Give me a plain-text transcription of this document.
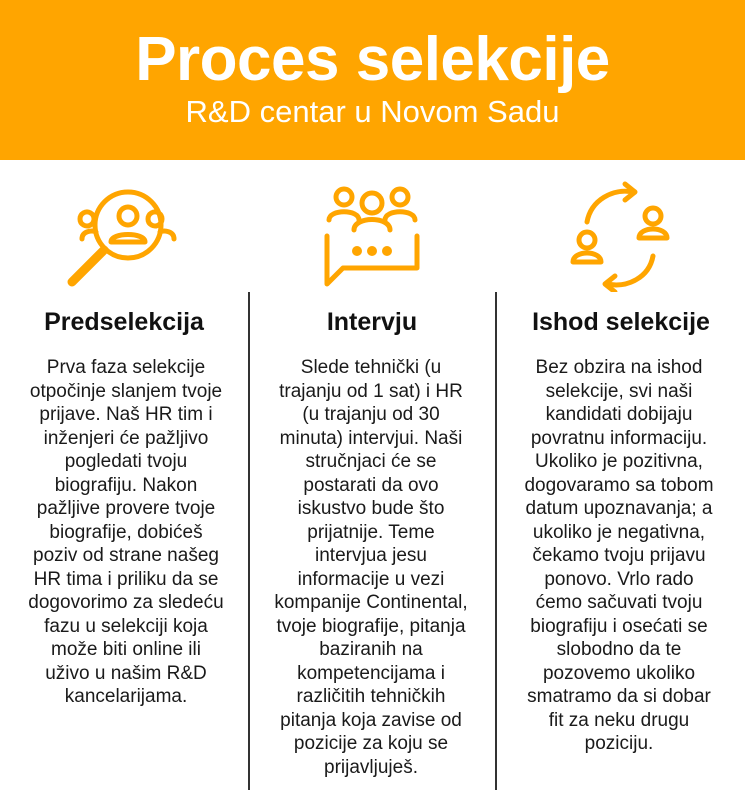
Proces selekcije
R&D centar u Novom Sadu
Predselekcija
Prva faza selekcije otpočinje slanjem tvoje prijave. Naš HR tim i inženjeri će pažljivo pogledati tvoju biografiju. Nakon pažljive provere tvoje biografije, dobićeš poziv od strane našeg HR tima i priliku da se dogovorimo za sledeću fazu u selekciji koja može biti online ili uživo u našim R&D kancelarijama.
Intervju
Slede tehnički (u trajanju od 1 sat) i HR (u trajanju od 30 minuta) intervjui. Naši stručnjaci će se postarati da ovo iskustvo bude što prijatnije. Teme intervjua jesu informacije u vezi kompanije Continental, tvoje biografije, pitanja baziranih na kompetencijama i različitih tehničkih pitanja koja zavise od pozicije za koju se prijavljuješ.
Ishod selekcije
Bez obzira na ishod selekcije, svi naši kandidati dobijaju povratnu informaciju. Ukoliko je pozitivna, dogovaramo sa tobom datum upoznavanja; a ukoliko je negativna, čekamo tvoju prijavu ponovo. Vrlo rado ćemo sačuvati tvoju biografiju i osećati se slobodno da te pozovemo ukoliko smatramo da si dobar fit za neku drugu poziciju.
